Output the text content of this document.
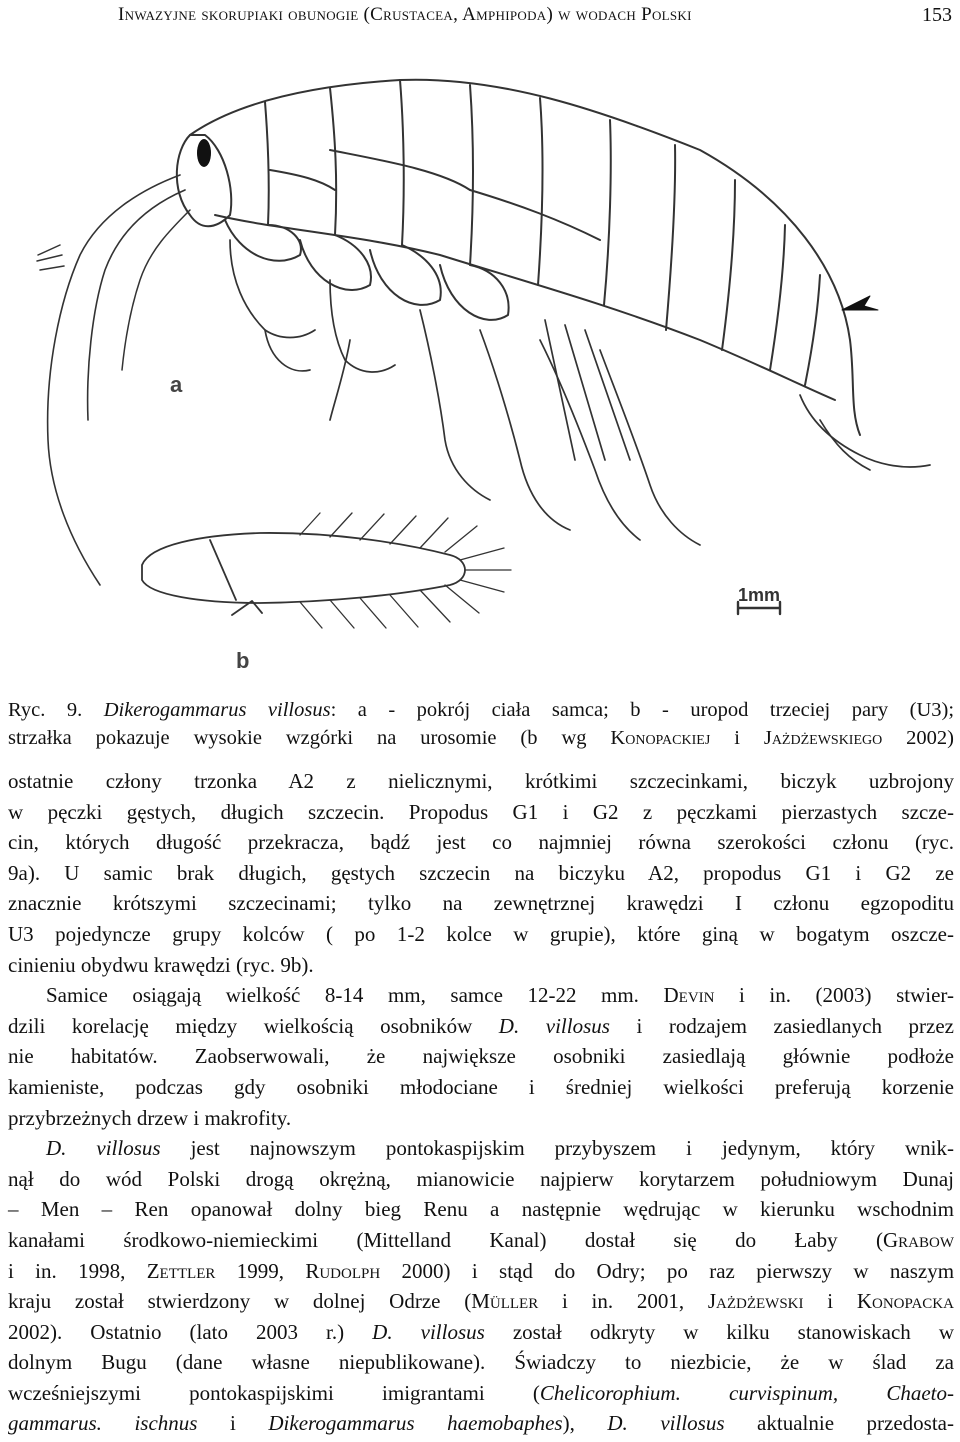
Inwazyjne skorupiaki obunogie (Crustacea, Amphipoda) w wodach Polski	153
a
b
1mm
Ryc. 9. Dikerogammarus villosus: a - pokrój ciała samca; b - uropod trzeciej pary (U3);
strzałka pokazuje wysokie wzgórki na urosomie (b wg Konopackiej i Jażdżewskiego 2002)

ostatnie człony trzonka A2 z nielicznymi, krótkimi szczecinkami, biczyk uzbrojony
w pęczki gęstych, długich szczecin. Propodus G1 i G2 z pęczkami pierzastych szcze-
cin, których długość przekracza, bądź jest co najmniej równa szerokości członu (ryc.
9a). U samic brak długich, gęstych szczecin na biczyku A2, propodus G1 i G2 ze
znacznie krótszymi szczecinami; tylko na zewnętrznej krawędzi I członu egzopoditu
U3 pojedyncze grupy kolców ( po 1-2 kolce w grupie), które giną w bogatym oszcze-
cinieniu obydwu krawędzi (ryc. 9b).

Samice osiągają wielkość 8-14 mm, samce 12-22 mm. Devin i in. (2003) stwier-
dzili korelację między wielkością osobników D. villosus i rodzajem zasiedlanych przez
nie habitatów. Zaobserwowali, że największe osobniki zasiedlają głównie podłoże
kamieniste, podczas gdy osobniki młodociane i średniej wielkości preferują korzenie
przybrzeżnych drzew i makrofity.

D. villosus jest najnowszym pontokaspijskim przybyszem i jedynym, który wnik-
nął do wód Polski drogą okrężną, mianowicie najpierw korytarzem południowym Dunaj
– Men – Ren opanował dolny bieg Renu a następnie wędrując w kierunku wschodnim
kanałami środkowo-niemieckimi (Mittelland Kanal) dostał się do Łaby (Grabow
i in. 1998, Zettler 1999, Rudolph 2000) i stąd do Odry; po raz pierwszy w naszym
kraju został stwierdzony w dolnej Odrze (Müller i in. 2001, Jażdżewski i Konopacka
2002). Ostatnio (lato 2003 r.) D. villosus został odkryty w kilku stanowiskach w
dolnym Bugu (dane własne niepublikowane). Świadczy to niezbicie, że w ślad za
wcześniejszymi pontokaspijskimi imigrantami (Chelicorophium. curvispinum, Chaeto-
gammarus. ischnus i Dikerogammarus haemobaphes), D. villosus aktualnie przedosta-
